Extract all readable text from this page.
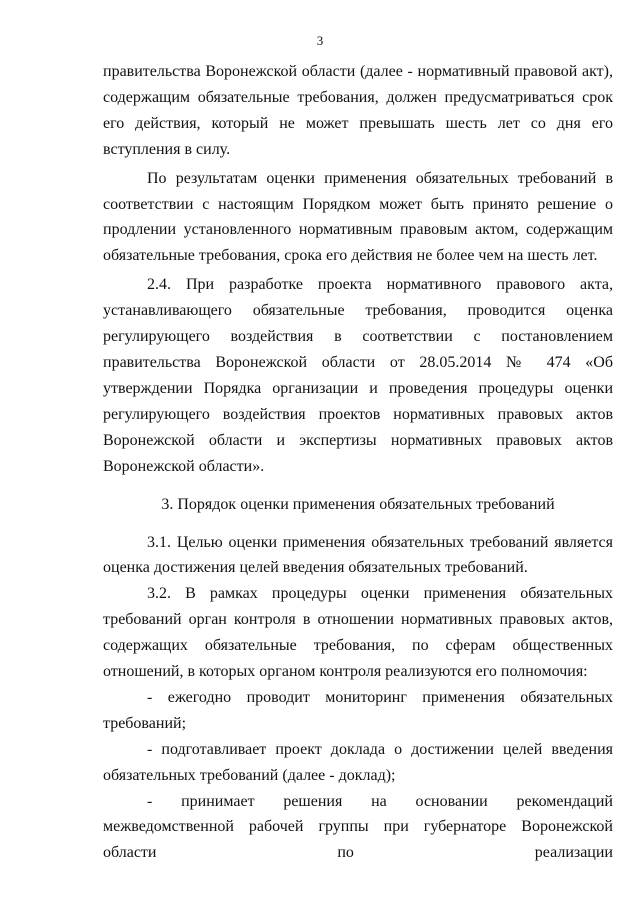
3

правительства Воронежской области (далее - нормативный правовой акт), содержащим обязательные требования, должен предусматриваться срок его действия, который не может превышать шесть лет со дня его вступления в силу.

По результатам оценки применения обязательных требований в соответствии с настоящим Порядком может быть принято решение о продлении установленного нормативным правовым актом, содержащим обязательные требования, срока его действия не более чем на шесть лет.

2.4. При разработке проекта нормативного правового акта, устанавливающего обязательные требования, проводится оценка регулирующего воздействия в соответствии с постановлением правительства Воронежской области от 28.05.2014 № 474 «Об утверждении Порядка организации и проведения процедуры оценки регулирующего воздействия проектов нормативных правовых актов Воронежской области и экспертизы нормативных правовых актов Воронежской области».

3. Порядок оценки применения обязательных требований

3.1. Целью оценки применения обязательных требований является оценка достижения целей введения обязательных требований.

3.2. В рамках процедуры оценки применения обязательных требований орган контроля в отношении нормативных правовых актов, содержащих обязательные требования, по сферам общественных отношений, в которых органом контроля реализуются его полномочия:

- ежегодно проводит мониторинг применения обязательных требований;

- подготавливает проект доклада о достижении целей введения обязательных требований (далее - доклад);

- принимает решения на основании рекомендаций межведомственной рабочей группы при губернаторе Воронежской области по реализации
